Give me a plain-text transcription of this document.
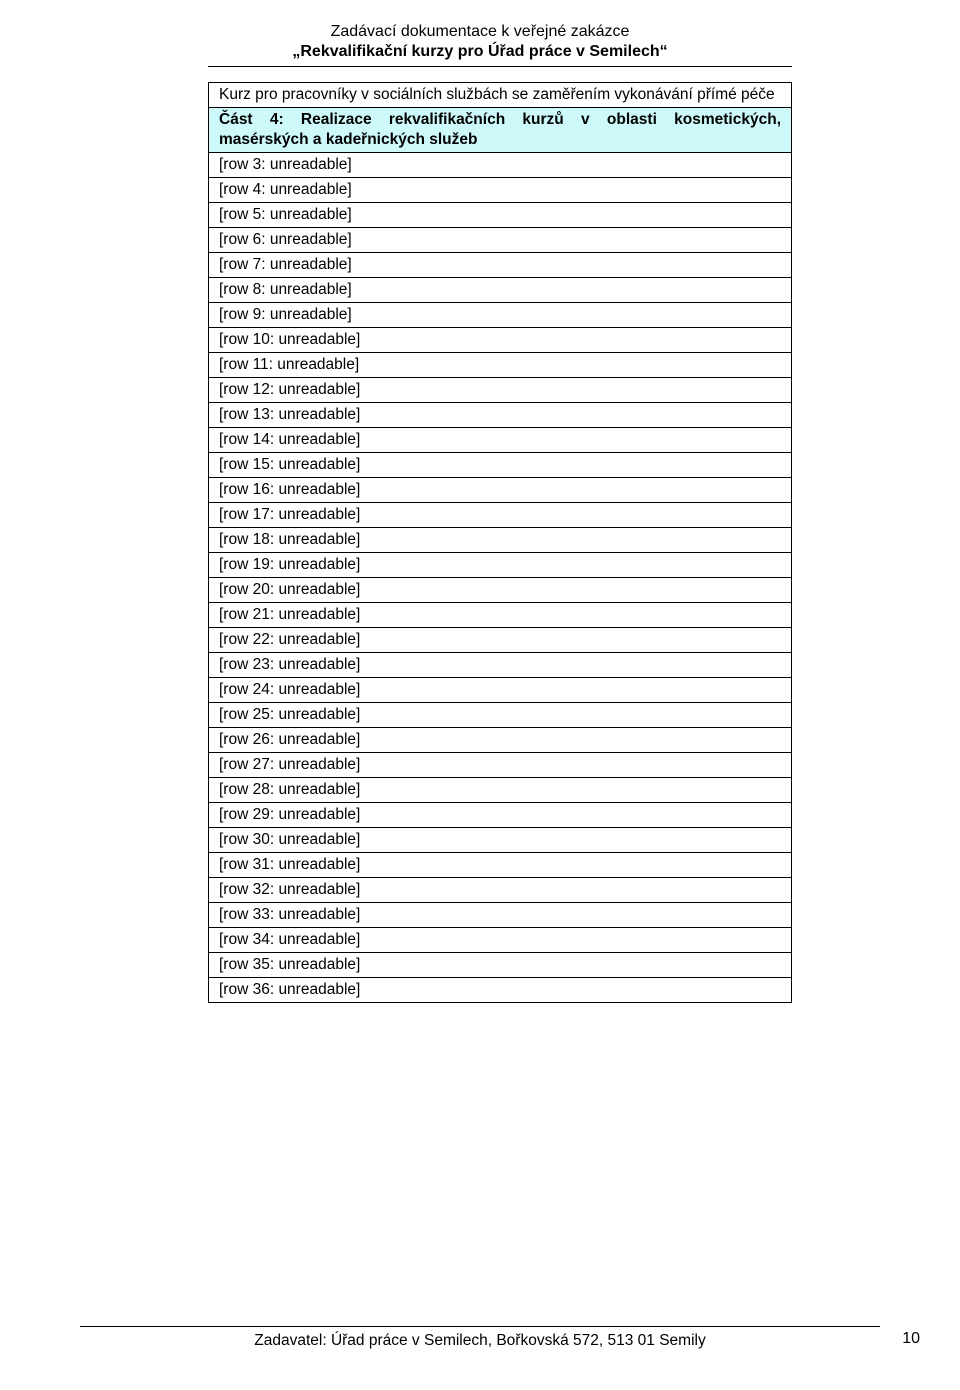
Zadávací dokumentace k veřejné zakázce
„Rekvalifikační kurzy pro Úřad práce v Semilech“
Kurz pro pracovníky v sociálních službách se zaměřením vykonávání přímé péče
Část 4: Realizace rekvalifikačních kurzů v oblasti kosmetických, masérských a kadeřnických služeb
[row 3: unreadable]
[row 4: unreadable]
[row 5: unreadable]
[row 6: unreadable]
[row 7: unreadable]
[row 8: unreadable]
[row 9: unreadable]
[row 10: unreadable]
[row 11: unreadable]
[row 12: unreadable]
[row 13: unreadable]
[row 14: unreadable]
[row 15: unreadable]
[row 16: unreadable]
[row 17: unreadable]
[row 18: unreadable]
[row 19: unreadable]
[row 20: unreadable]
[row 21: unreadable]
[row 22: unreadable]
[row 23: unreadable]
[row 24: unreadable]
[row 25: unreadable]
[row 26: unreadable]
[row 27: unreadable]
[row 28: unreadable]
[row 29: unreadable]
[row 30: unreadable]
[row 31: unreadable]
[row 32: unreadable]
[row 33: unreadable]
[row 34: unreadable]
[row 35: unreadable]
[row 36: unreadable]
Zadavatel: Úřad práce v Semilech, Bořkovská 572, 513 01 Semily	10
